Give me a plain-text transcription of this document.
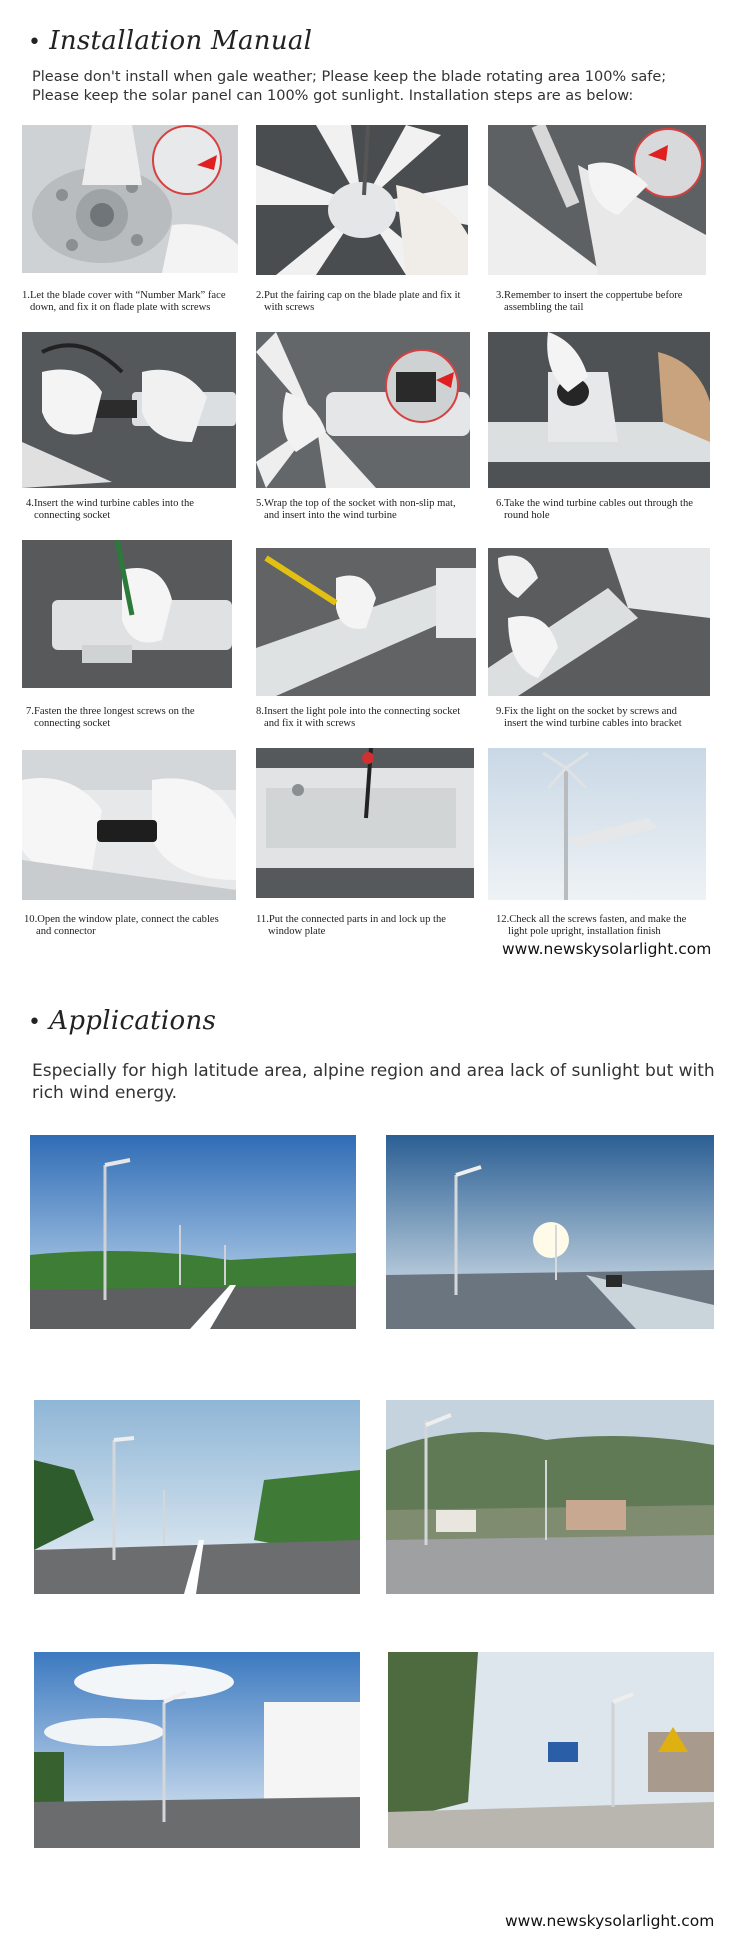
• Installation Manual
Please don't install when gale weather; Please keep the blade rotating area 100% safe;
Please keep the solar panel can 100% got sunlight. Installation steps are as below:
1.Let the blade cover with “Number Mark” face
down, and fix it on flade plate with screws
2.Put the fairing cap on the blade plate and fix it
with screws
3.Remember to insert the coppertube before
assembling the tail
4.Insert the wind turbine cables into the
connecting socket
5.Wrap the top of the socket with non-slip mat,
and insert into the wind turbine
6.Take the wind turbine cables out through the
round hole
7.Fasten the three longest screws on the
connecting socket
8.Insert the light pole into the connecting socket
and fix it with screws
9.Fix the light on the socket by screws and
insert the wind turbine cables into bracket
10.Open the window plate, connect the cables
and connector
11.Put the connected parts in and lock up the
window plate
12.Check all the screws fasten, and make the
light pole upright, installation finish
www.newskysolarlight.com
• Applications
Especially for high latitude area, alpine region and area lack of sunlight but with
rich wind energy.
www.newskysolarlight.com
